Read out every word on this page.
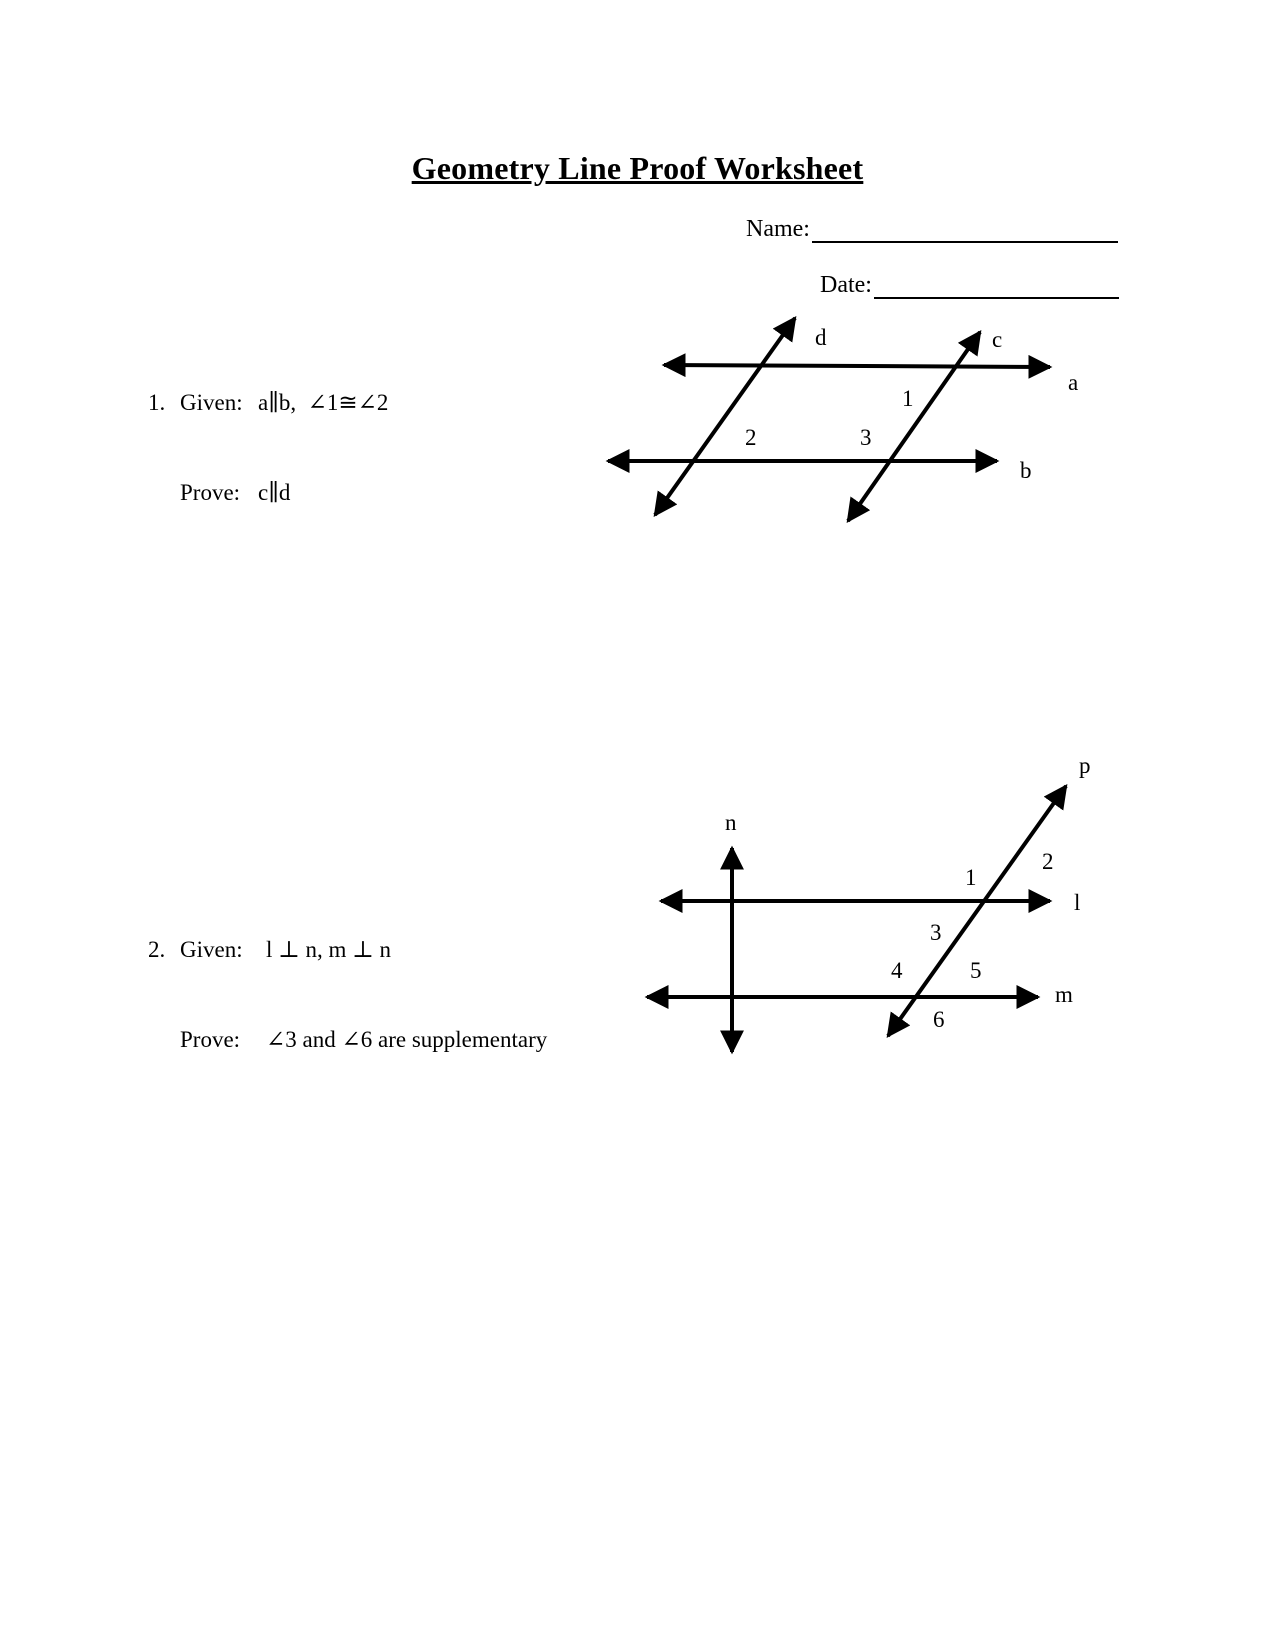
Geometry Line Proof Worksheet
Name:
Date:

1. Given: a∥b,  ∠1≅∠2

Prove: c∥d

2. Given: l ⊥ n, m ⊥ n

Prove: ∠3 and ∠6 are supplementary

d	c
a
b
1
2	3
p
n
l
m
1
2
3
4	5
6
